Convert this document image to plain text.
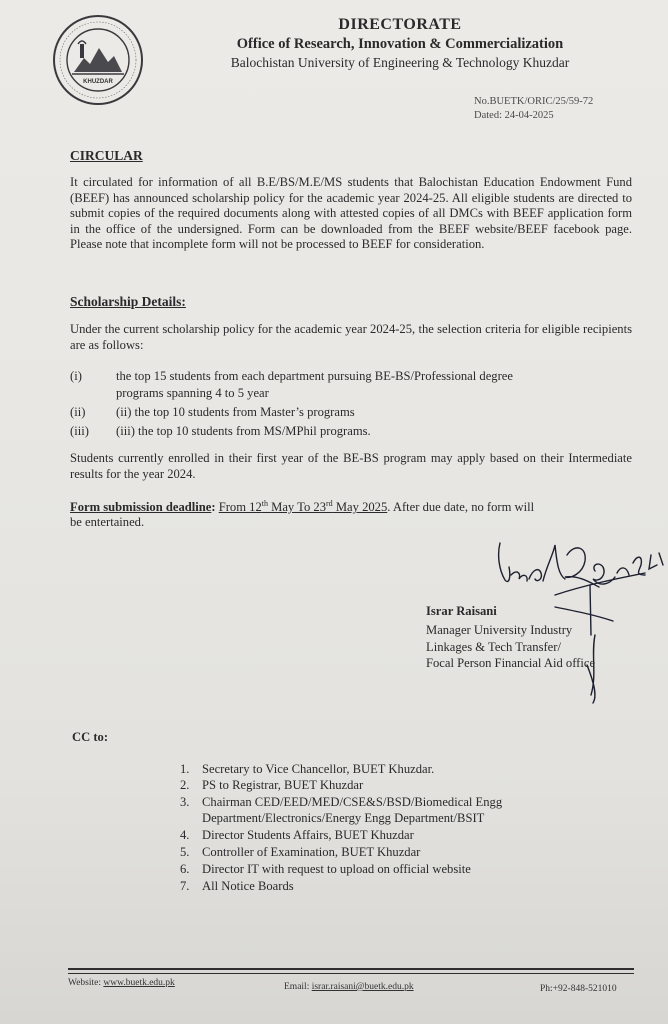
KHUZDAR
DIRECTORATE
Office of Research, Innovation & Commercialization
Balochistan University of Engineering & Technology Khuzdar
No.BUETK/ORIC/25/59-72
Dated: 24-04-2025
CIRCULAR
It circulated for information of all B.E/BS/M.E/MS students that Balochistan Education Endowment Fund (BEEF) has announced scholarship policy for the academic year 2024-25. All eligible students are directed to submit copies of the required documents along with attested copies of all DMCs with BEEF application form in the office of the undersigned. Form can be downloaded from the BEEF website/BEEF facebook page. Please note that incomplete form will not be processed to BEEF for consideration.
Scholarship Details:
Under the current scholarship policy for the academic year 2024-25, the selection criteria for eligible recipients are as follows:
(i)	the top 15 students from each department pursuing BE-BS/Professional degree
programs spanning 4 to 5 year
(ii) (ii) the top 10 students from Master’s programs
(iii) (iii) the top 10 students from MS/MPhil programs.
Students currently enrolled in their first year of the BE-BS program may apply based on their Intermediate results for the year 2024.
Form submission deadline: From 12th May To 23rd May 2025. After due date, no form will
be entertained.
Israr Raisani
Manager University Industry
Linkages & Tech Transfer/
Focal Person Financial Aid office
CC to:
1. Secretary to Vice Chancellor, BUET Khuzdar.
2. PS to Registrar, BUET Khuzdar
3. Chairman CED/EED/MED/CSE&S/BSD/Biomedical Engg
Department/Electronics/Energy Engg Department/BSIT
4. Director Students Affairs, BUET Khuzdar
5. Controller of Examination, BUET Khuzdar
6. Director IT with request to upload on official website
7. All Notice Boards
Website: www.buetk.edu.pk	Email: israr.raisani@buetk.edu.pk	Ph:+92-848-521010
